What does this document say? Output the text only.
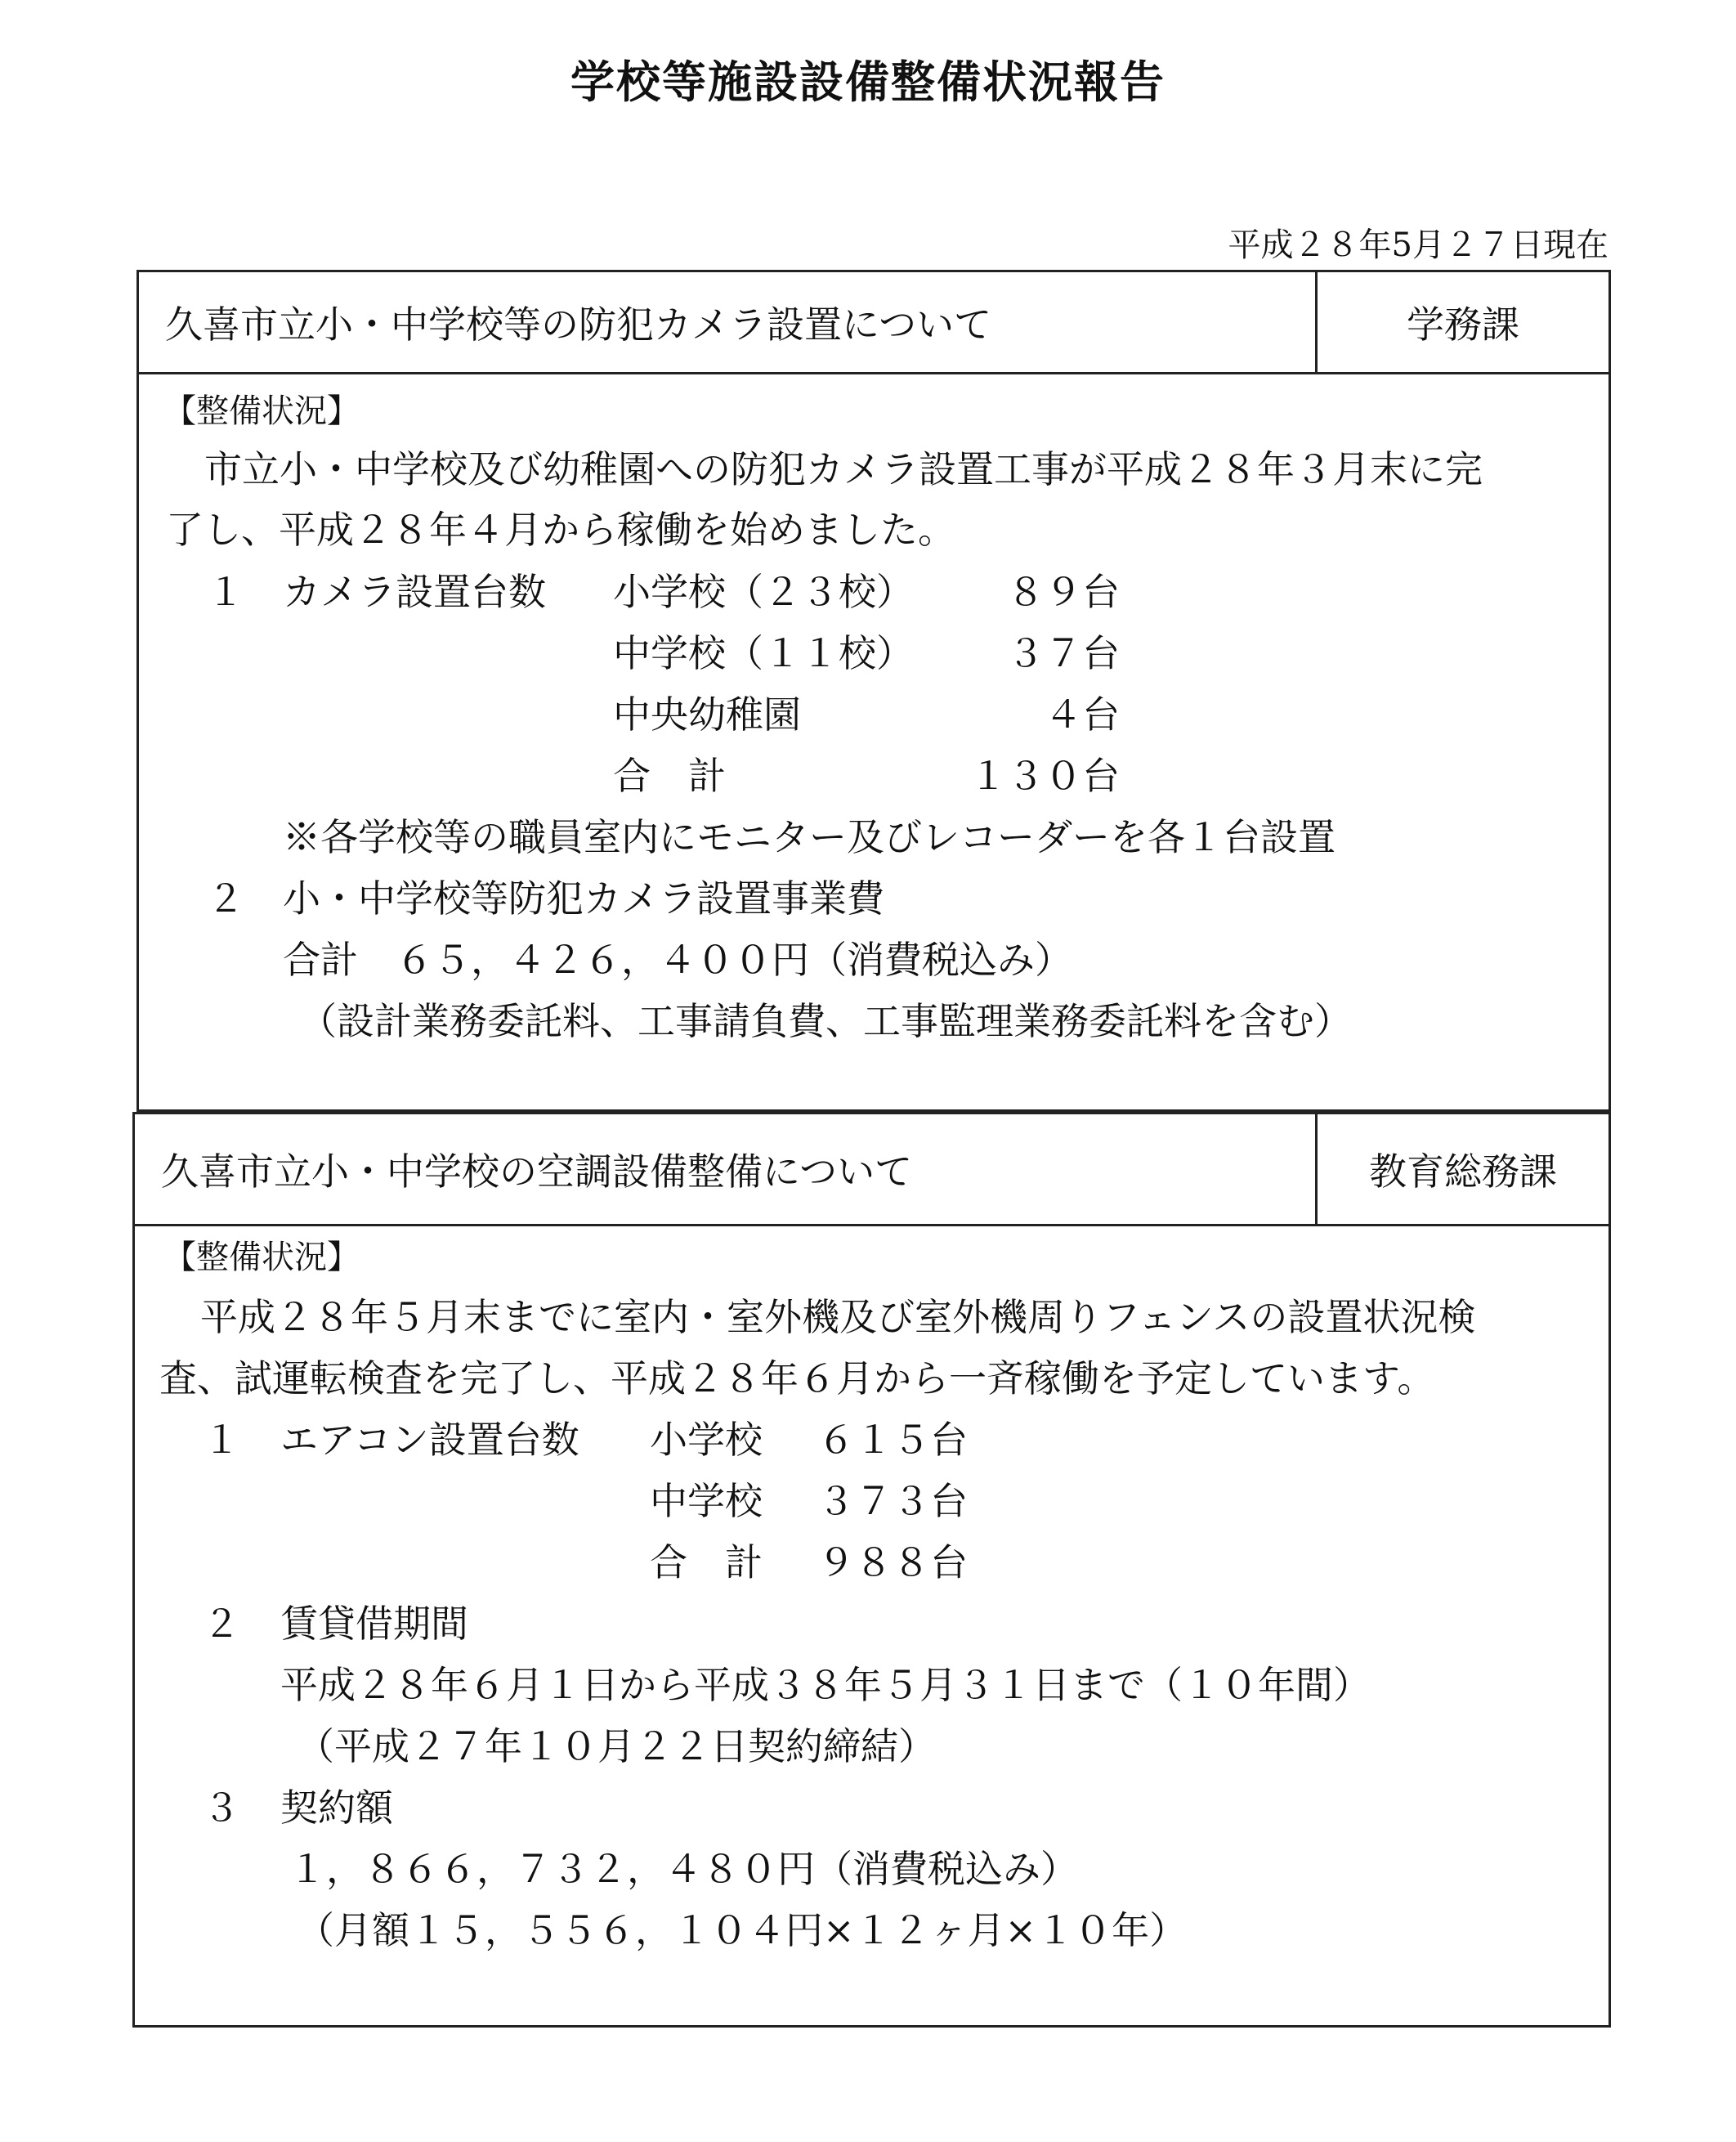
学校等施設設備整備状況報告
平成２８年5月２７日現在
久喜市立小・中学校等の防犯カメラ設置について	学務課
【整備状況】
市立小・中学校及び幼稚園への防犯カメラ設置工事が平成２８年３月末に完
了し、平成２８年４月から稼働を始めました。
１ カメラ設置台数 小学校（２３校）	８９台
中学校（１１校）	３７台
中央幼稚園	４台
合　計	１３０台
※各学校等の職員室内にモニター及びレコーダーを各１台設置
２ 小・中学校等防犯カメラ設置事業費
合計　６５，４２６，４００円（消費税込み）
（設計業務委託料、工事請負費、工事監理業務委託料を含む）
久喜市立小・中学校の空調設備整備について	教育総務課
【整備状況】
平成２８年５月末までに室内・室外機及び室外機周りフェンスの設置状況検
査、試運転検査を完了し、平成２８年６月から一斉稼働を予定しています。
１ エアコン設置台数 小学校 ６１５台
中学校 ３７３台
合　計 ９８８台
２ 賃貸借期間
平成２８年６月１日から平成３８年５月３１日まで（１０年間）
（平成２７年１０月２２日契約締結）
３ 契約額
１，８６６，７３２，４８０円（消費税込み）
（月額１５，５５６，１０４円×１２ヶ月×１０年）
